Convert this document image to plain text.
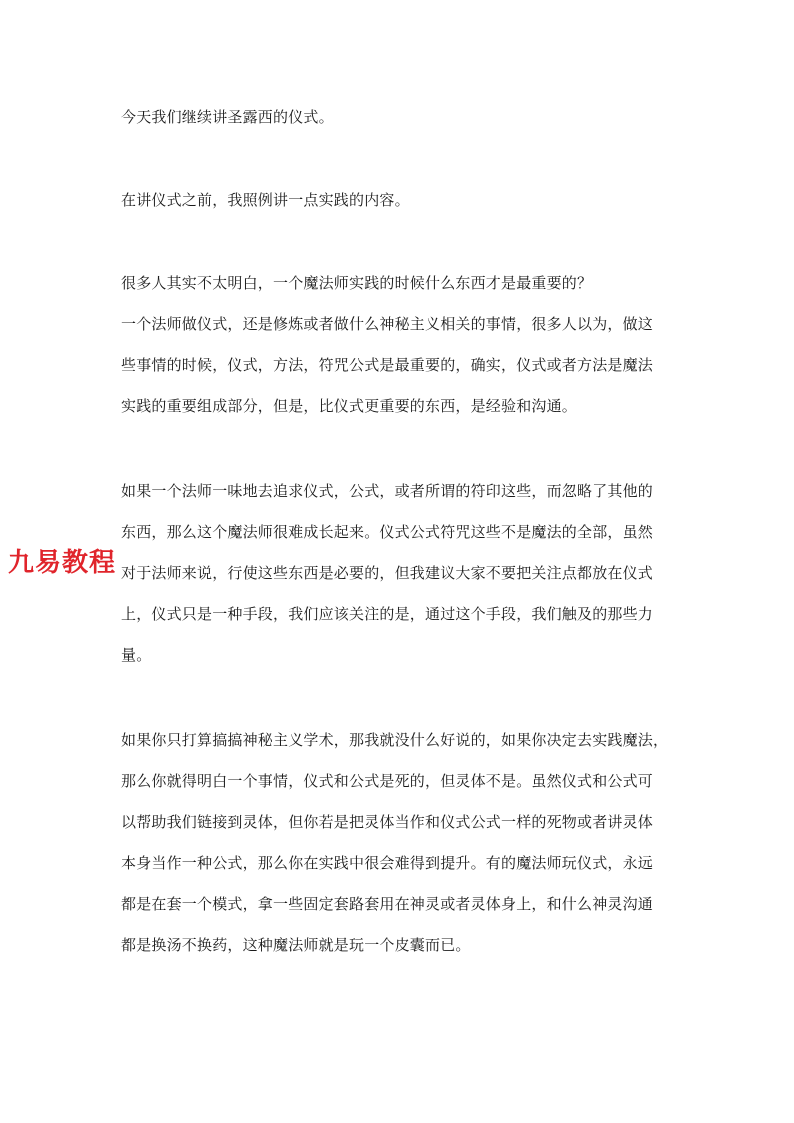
今天我们继续讲圣露西的仪式。
在讲仪式之前，我照例讲一点实践的内容。
很多人其实不太明白，一个魔法师实践的时候什么东西才是最重要的？
一个法师做仪式，还是修炼或者做什么神秘主义相关的事情，很多人以为，做这
些事情的时候，仪式，方法，符咒公式是最重要的，确实，仪式或者方法是魔法
实践的重要组成部分，但是，比仪式更重要的东西，是经验和沟通。
如果一个法师一味地去追求仪式，公式，或者所谓的符印这些，而忽略了其他的
东西，那么这个魔法师很难成长起来。仪式公式符咒这些不是魔法的全部，虽然
对于法师来说，行使这些东西是必要的，但我建议大家不要把关注点都放在仪式
上，仪式只是一种手段，我们应该关注的是，通过这个手段，我们触及的那些力
量。
如果你只打算搞搞神秘主义学术，那我就没什么好说的，如果你决定去实践魔法，
那么你就得明白一个事情，仪式和公式是死的，但灵体不是。虽然仪式和公式可
以帮助我们链接到灵体，但你若是把灵体当作和仪式公式一样的死物或者讲灵体
本身当作一种公式，那么你在实践中很会难得到提升。有的魔法师玩仪式，永远
都是在套一个模式，拿一些固定套路套用在神灵或者灵体身上，和什么神灵沟通
都是换汤不换药，这种魔法师就是玩一个皮囊而已。
九易教程
